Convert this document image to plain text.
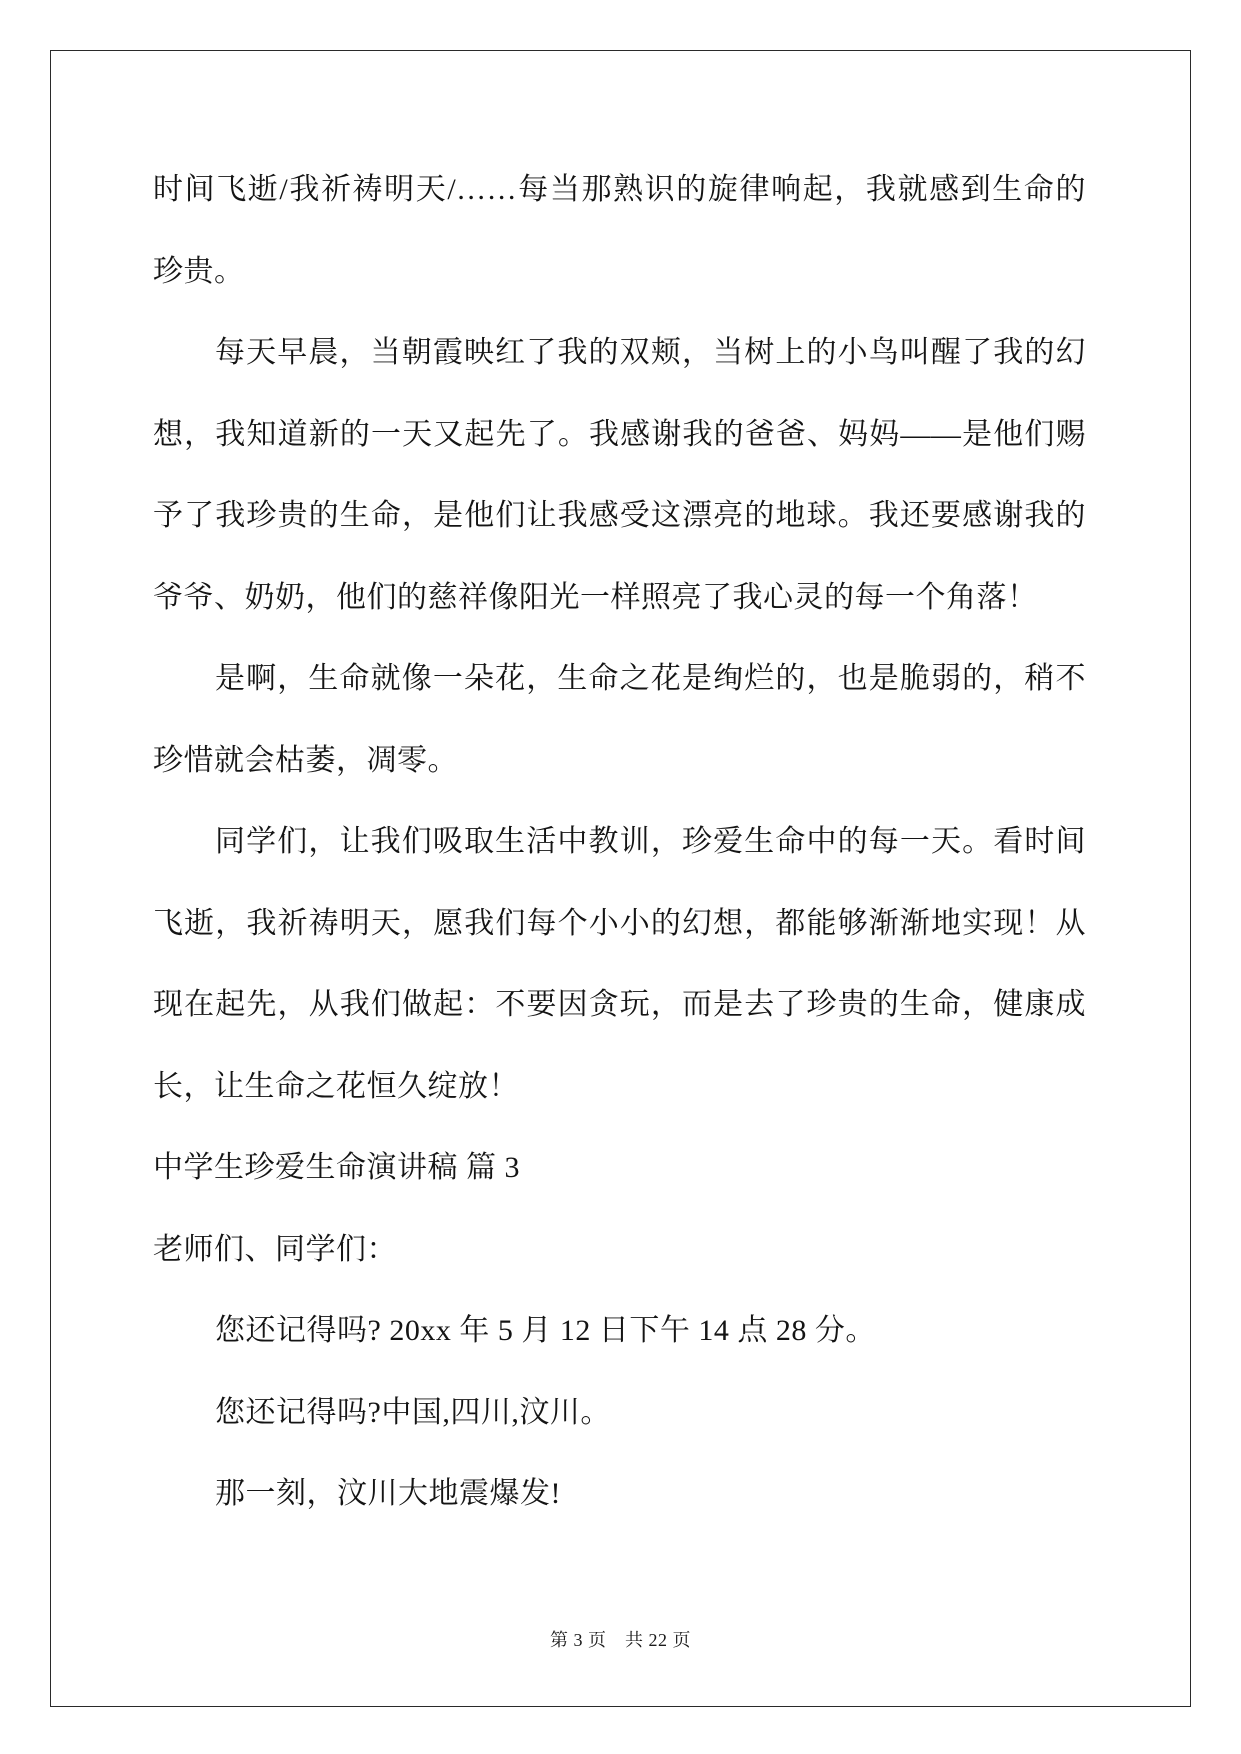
时间飞逝/我祈祷明天/……每当那熟识的旋律响起，我就感到生命的
珍贵。
每天早晨，当朝霞映红了我的双颊，当树上的小鸟叫醒了我的幻
想，我知道新的一天又起先了。我感谢我的爸爸、妈妈——是他们赐
予了我珍贵的生命，是他们让我感受这漂亮的地球。我还要感谢我的
爷爷、奶奶，他们的慈祥像阳光一样照亮了我心灵的每一个角落！
是啊，生命就像一朵花，生命之花是绚烂的，也是脆弱的，稍不
珍惜就会枯萎，凋零。
同学们，让我们吸取生活中教训，珍爱生命中的每一天。看时间
飞逝，我祈祷明天，愿我们每个小小的幻想，都能够渐渐地实现！从
现在起先，从我们做起：不要因贪玩，而是去了珍贵的生命，健康成
长，让生命之花恒久绽放！
中学生珍爱生命演讲稿 篇 3
老师们、同学们：
您还记得吗? 20xx 年 5 月 12 日下午 14 点 28 分。
您还记得吗?中国,四川,汶川。
那一刻，汶川大地震爆发!
第 3 页　共 22 页
